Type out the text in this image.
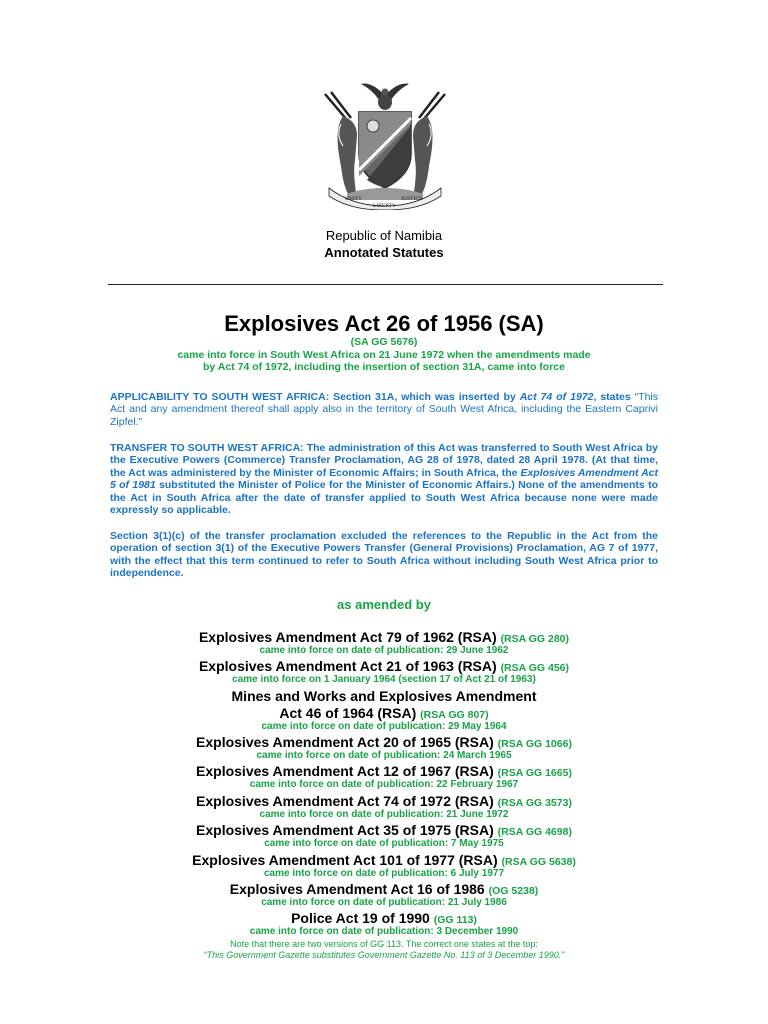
UNITY
LIBERTY
JUSTICE
Republic of Namibia
Annotated Statutes
Explosives Act 26 of 1956 (SA)
(SA GG 5676)
came into force in South West Africa on 21 June 1972 when the amendments made
by Act 74 of 1972, including the insertion of section 31A, came into force
APPLICABILITY TO SOUTH WEST AFRICA: Section 31A, which was inserted by Act 74 of 1972, states “This Act and any amendment thereof shall apply also in the territory of South West Africa, including the Eastern Caprivi Zipfel.”
TRANSFER TO SOUTH WEST AFRICA: The administration of this Act was transferred to South West Africa by the Executive Powers (Commerce) Transfer Proclamation, AG 28 of 1978, dated 28 April 1978. (At that time, the Act was administered by the Minister of Economic Affairs; in South Africa, the Explosives Amendment Act 5 of 1981 substituted the Minister of Police for the Minister of Economic Affairs.) None of the amendments to the Act in South Africa after the date of transfer applied to South West Africa because none were made expressly so applicable.
Section 3(1)(c) of the transfer proclamation excluded the references to the Republic in the Act from the operation of section 3(1) of the Executive Powers Transfer (General Provisions) Proclamation, AG 7 of 1977, with the effect that this term continued to refer to South Africa without including South West Africa prior to independence.
as amended by
Explosives Amendment Act 79 of 1962 (RSA) (RSA GG 280)
came into force on date of publication: 29 June 1962
Explosives Amendment Act 21 of 1963 (RSA) (RSA GG 456)
came into force on 1 January 1964 (section 17 of Act 21 of 1963)
Mines and Works and Explosives Amendment
Act 46 of 1964 (RSA) (RSA GG 807)
came into force on date of publication: 29 May 1964
Explosives Amendment Act 20 of 1965 (RSA) (RSA GG 1066)
came into force on date of publication: 24 March 1965
Explosives Amendment Act 12 of 1967 (RSA) (RSA GG 1665)
came into force on date of publication: 22 February 1967
Explosives Amendment Act 74 of 1972 (RSA) (RSA GG 3573)
came into force on date of publication: 21 June 1972
Explosives Amendment Act 35 of 1975 (RSA) (RSA GG 4698)
came into force on date of publication: 7 May 1975
Explosives Amendment Act 101 of 1977 (RSA) (RSA GG 5638)
came into force on date of publication: 6 July 1977
Explosives Amendment Act 16 of 1986 (OG 5238)
came into force on date of publication: 21 July 1986
Police Act 19 of 1990 (GG 113)
came into force on date of publication: 3 December 1990
Note that there are two versions of GG 113. The correct one states at the top:
“This Government Gazette substitutes Government Gazette No. 113 of 3 December 1990.”
